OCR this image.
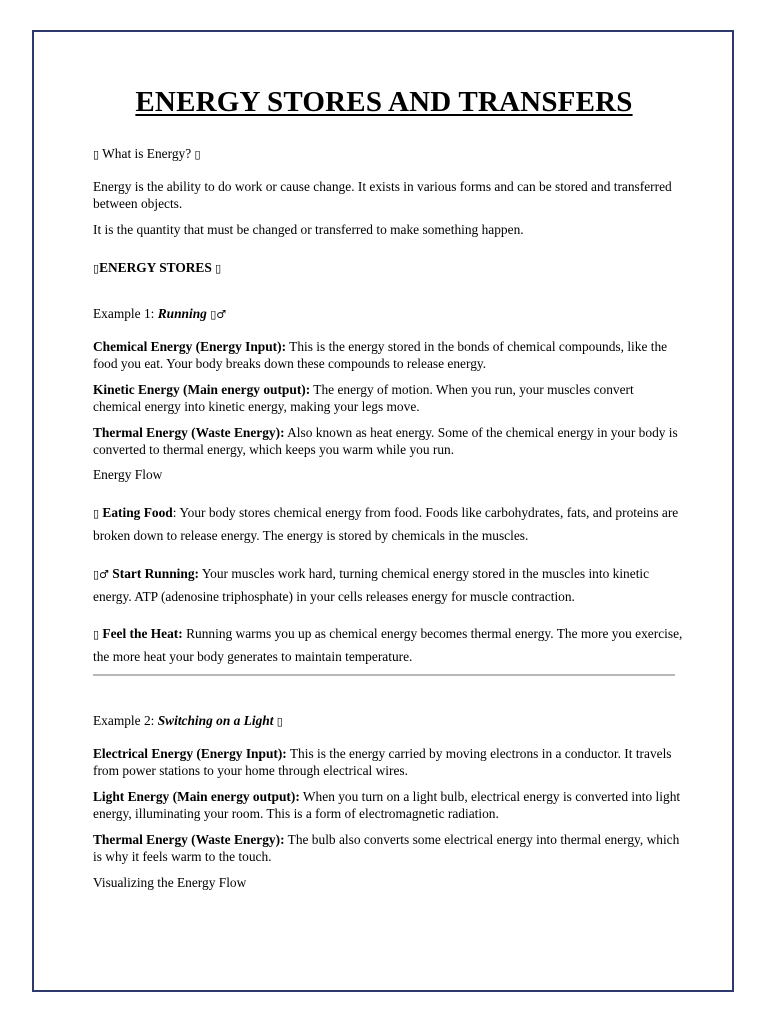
ENERGY STORES AND TRANSFERS
▯ What is Energy? ▯
Energy is the ability to do work or cause change. It exists in various forms and can be stored and transferred between objects.
It is the quantity that must be changed or transferred to make something happen.
▯ENERGY STORES ▯
Example 1: Running ▯♂
Chemical Energy (Energy Input): This is the energy stored in the bonds of chemical compounds, like the food you eat. Your body breaks down these compounds to release energy.
Kinetic Energy (Main energy output): The energy of motion. When you run, your muscles convert chemical energy into kinetic energy, making your legs move.
Thermal Energy (Waste Energy): Also known as heat energy. Some of the chemical energy in your body is converted to thermal energy, which keeps you warm while you run.
Energy Flow
▯ Eating Food: Your body stores chemical energy from food. Foods like carbohydrates, fats, and proteins are broken down to release energy. The energy is stored by chemicals in the muscles.
▯♂ Start Running: Your muscles work hard, turning chemical energy stored in the muscles into kinetic energy. ATP (adenosine triphosphate) in your cells releases energy for muscle contraction.
▯ Feel the Heat: Running warms you up as chemical energy becomes thermal energy. The more you exercise, the more heat your body generates to maintain temperature.
Example 2: Switching on a Light ▯
Electrical Energy (Energy Input): This is the energy carried by moving electrons in a conductor. It travels from power stations to your home through electrical wires.
Light Energy (Main energy output): When you turn on a light bulb, electrical energy is converted into light energy, illuminating your room. This is a form of electromagnetic radiation.
Thermal Energy (Waste Energy): The bulb also converts some electrical energy into thermal energy, which is why it feels warm to the touch.
Visualizing the Energy Flow
